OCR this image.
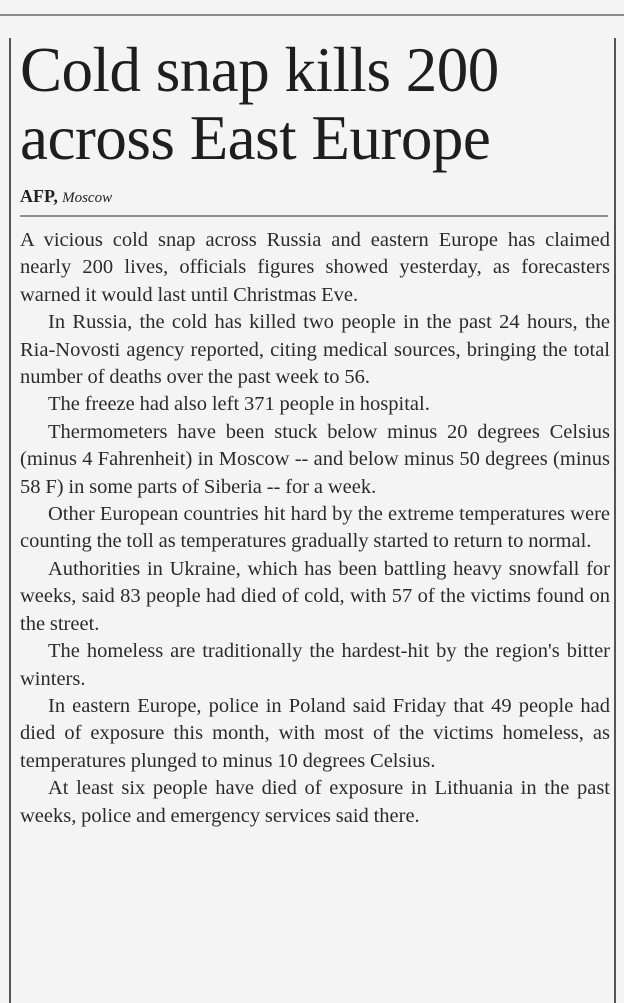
Cold snap kills 200
across East Europe
AFP, Moscow

A vicious cold snap across Russia and eastern Europe has claimed nearly 200 lives, officials figures showed yesterday, as forecasters warned it would last until Christmas Eve.

In Russia, the cold has killed two people in the past 24 hours, the Ria-Novosti agency reported, citing medical sources, bringing the total number of deaths over the past week to 56.

The freeze had also left 371 people in hospital.

Thermometers have been stuck below minus 20 degrees Celsius (minus 4 Fahrenheit) in Moscow -- and below minus 50 degrees (minus 58 F) in some parts of Siberia -- for a week.

Other European countries hit hard by the extreme temperatures were counting the toll as temperatures gradually started to return to normal.

Authorities in Ukraine, which has been battling heavy snowfall for weeks, said 83 people had died of cold, with 57 of the victims found on the street.

The homeless are traditionally the hardest-hit by the region's bitter winters.

In eastern Europe, police in Poland said Friday that 49 people had died of exposure this month, with most of the victims homeless, as temperatures plunged to minus 10 degrees Celsius.

At least six people have died of exposure in Lithuania in the past weeks, police and emergency services said there.
